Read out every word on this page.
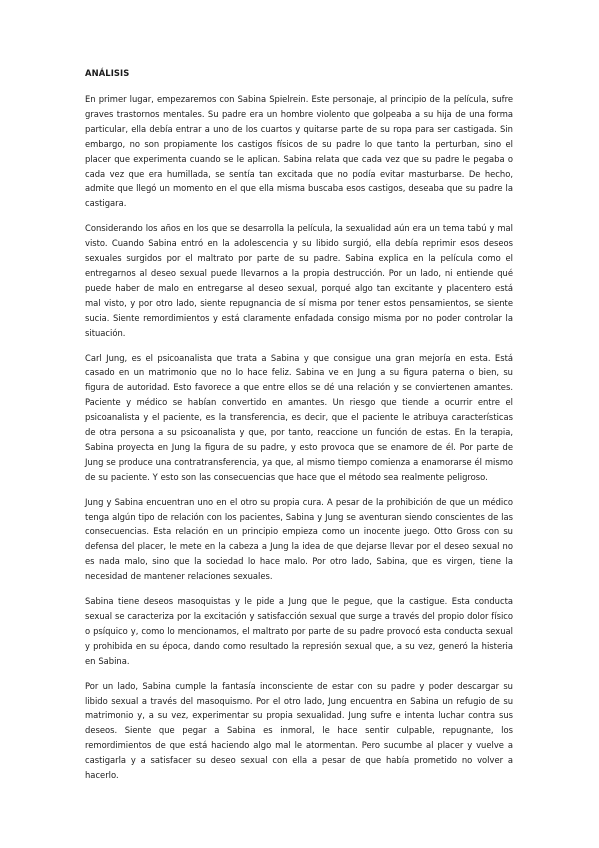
ANÁLISIS

En primer lugar, empezaremos con Sabina Spielrein. Este personaje, al principio de la película, sufre graves trastornos mentales. Su padre era un hombre violento que golpeaba a su hija de una forma particular, ella debía entrar a uno de los cuartos y quitarse parte de su ropa para ser castigada. Sin embargo, no son propiamente los castigos físicos de su padre lo que tanto la perturban, sino el placer que experimenta cuando se le aplican. Sabina relata que cada vez que su padre le pegaba o cada vez que era humillada, se sentía tan excitada que no podía evitar masturbarse. De hecho, admite que llegó un momento en el que ella misma buscaba esos castigos, deseaba que su padre la castigara.

Considerando los años en los que se desarrolla la película, la sexualidad aún era un tema tabú y mal visto. Cuando Sabina entró en la adolescencia y su libido surgió, ella debía reprimir esos deseos sexuales surgidos por el maltrato por parte de su padre. Sabina explica en la película como el entregarnos al deseo sexual puede llevarnos a la propia destrucción. Por un lado, ni entiende qué puede haber de malo en entregarse al deseo sexual, porqué algo tan excitante y placentero está mal visto, y por otro lado, siente repugnancia de sí misma por tener estos pensamientos, se siente sucia. Siente remordimientos y está claramente enfadada consigo misma por no poder controlar la situación.

Carl Jung, es el psicoanalista que trata a Sabina y que consigue una gran mejoría en esta. Está casado en un matrimonio que no lo hace feliz. Sabina ve en Jung a su figura paterna o bien, su figura de autoridad. Esto favorece a que entre ellos se dé una relación y se conviertenen amantes. Paciente y médico se habían convertido en amantes. Un riesgo que tiende a ocurrir entre el psicoanalista y el paciente, es la transferencia, es decir, que el paciente le atribuya características de otra persona a su psicoanalista y que, por tanto, reaccione un función de estas. En la terapia, Sabina proyecta en Jung la figura de su padre, y esto provoca que se enamore de él. Por parte de Jung se produce una contratransferencia, ya que, al mismo tiempo comienza a enamorarse él mismo de su paciente. Y esto son las consecuencias que hace que el método sea realmente peligroso.

Jung y Sabina encuentran uno en el otro su propia cura. A pesar de la prohibición de que un médico tenga algún tipo de relación con los pacientes, Sabina y Jung se aventuran siendo conscientes de las consecuencias. Esta relación en un principio empieza como un inocente juego. Otto Gross con su defensa del placer, le mete en la cabeza a Jung la idea de que dejarse llevar por el deseo sexual no es nada malo, sino que la sociedad lo hace malo. Por otro lado, Sabina, que es virgen, tiene la necesidad de mantener relaciones sexuales.

Sabina tiene deseos masoquistas y le pide a Jung que le pegue, que la castigue. Esta conducta sexual se caracteriza por la excitación y satisfacción sexual que surge a través del propio dolor físico o psíquico y, como lo mencionamos, el maltrato por parte de su padre provocó esta conducta sexual y prohibida en su época, dando como resultado la represión sexual que, a su vez, generó la histeria en Sabina.

Por un lado, Sabina cumple la fantasía inconsciente de estar con su padre y poder descargar su libido sexual a través del masoquismo. Por el otro lado, Jung encuentra en Sabina un refugio de su matrimonio y, a su vez, experimentar su propia sexualidad. Jung sufre e intenta luchar contra sus deseos. Siente que pegar a Sabina es inmoral, le hace sentir culpable, repugnante, los remordimientos de que está haciendo algo mal le atormentan. Pero sucumbe al placer y vuelve a castigarla y a satisfacer su deseo sexual con ella a pesar de que había prometido no volver a hacerlo.
